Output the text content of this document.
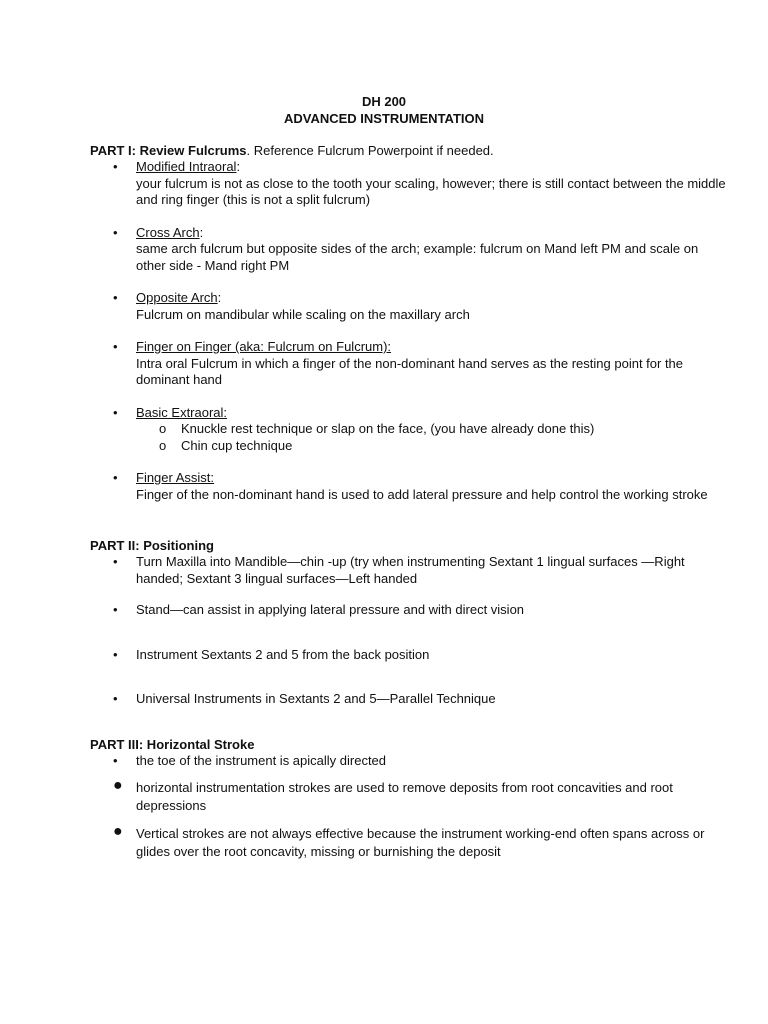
DH 200
ADVANCED INSTRUMENTATION
PART I: Review Fulcrums. Reference Fulcrum Powerpoint if needed.
• Modified Intraoral:
your fulcrum is not as close to the tooth your scaling, however; there is still contact between the middle and ring finger (this is not a split fulcrum)
• Cross Arch:
same arch fulcrum but opposite sides of the arch; example: fulcrum on Mand left PM and scale on other side - Mand right PM
• Opposite Arch:
Fulcrum on mandibular while scaling on the maxillary arch
• Finger on Finger (aka: Fulcrum on Fulcrum):
Intra oral Fulcrum in which a finger of the non-dominant hand serves as the resting point for the dominant hand
• Basic Extraoral:
o Knuckle rest technique or slap on the face, (you have already done this)
o Chin cup technique
• Finger Assist:
Finger of the non-dominant hand is used to add lateral pressure and help control the working stroke
PART II: Positioning
• Turn Maxilla into Mandible—chin -up (try when instrumenting Sextant 1 lingual surfaces —Right handed; Sextant 3 lingual surfaces—Left handed
• Stand—can assist in applying lateral pressure and with direct vision
• Instrument Sextants 2 and 5 from the back position
• Universal Instruments in Sextants 2 and 5—Parallel Technique
PART III: Horizontal Stroke
• the toe of the instrument is apically directed
● horizontal instrumentation strokes are used to remove deposits from root concavities and root depressions
● Vertical strokes are not always effective because the instrument working-end often spans across or glides over the root concavity, missing or burnishing the deposit
